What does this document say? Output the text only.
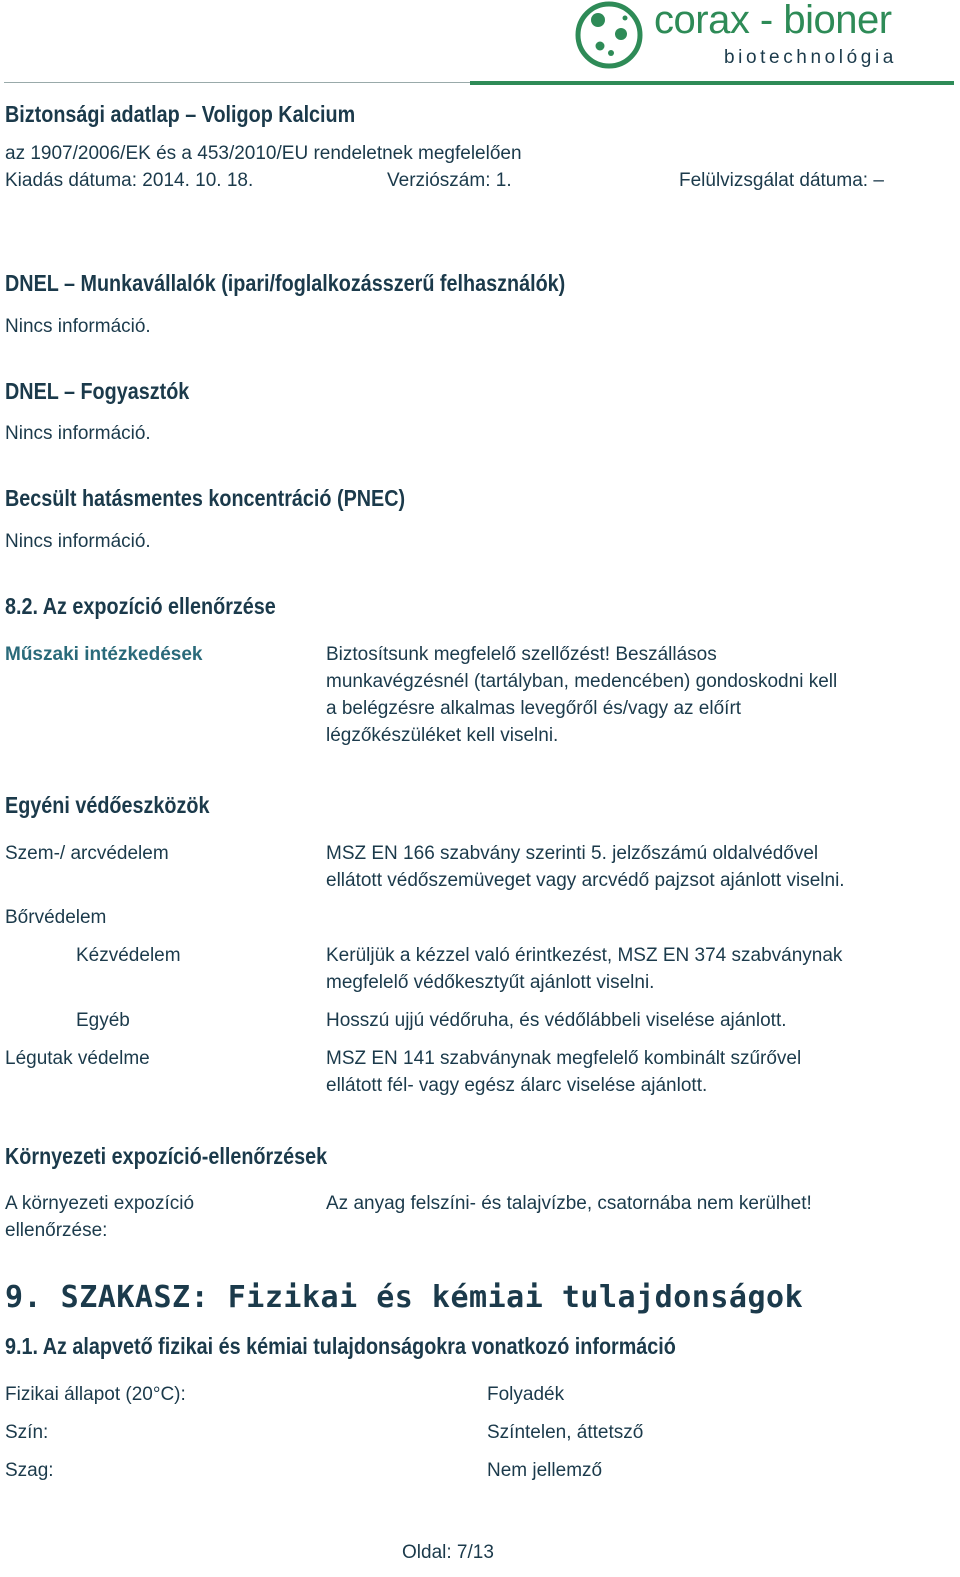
corax - bioner
biotechnológia
Biztonsági adatlap – Voligop Kalcium
az 1907/2006/EK és a 453/2010/EU rendeletnek megfelelően
Kiadás dátuma: 2014. 10. 18.	Verziószám: 1.	Felülvizsgálat dátuma: –
DNEL – Munkavállalók (ipari/foglalkozásszerű felhasználók)
Nincs információ.
DNEL – Fogyasztók
Nincs információ.
Becsült hatásmentes koncentráció (PNEC)
Nincs információ.
8.2. Az expozíció ellenőrzése
Műszaki intézkedések	Biztosítsunk megfelelő szellőzést! Beszállásos
munkavégzésnél (tartályban, medencében) gondoskodni kell
a belégzésre alkalmas levegőről és/vagy az előírt
légzőkészüléket kell viselni.
Egyéni védőeszközök
Szem-/ arcvédelem	MSZ EN 166 szabvány szerinti 5. jelzőszámú oldalvédővel
ellátott védőszemüveget vagy arcvédő pajzsot ajánlott viselni.
Bőrvédelem
Kézvédelem	Kerüljük a kézzel való érintkezést, MSZ EN 374 szabványnak
megfelelő védőkesztyűt ajánlott viselni.
Egyéb	Hosszú ujjú védőruha, és védőlábbeli viselése ajánlott.
Légutak védelme	MSZ EN 141 szabványnak megfelelő kombinált szűrővel
ellátott fél- vagy egész álarc viselése ajánlott.
Környezeti expozíció-ellenőrzések
A környezeti expozíció
ellenőrzése:
Az anyag felszíni- és talajvízbe, csatornába nem kerülhet!
9. SZAKASZ: Fizikai és kémiai tulajdonságok
9.1. Az alapvető fizikai és kémiai tulajdonságokra vonatkozó információ
Fizikai állapot (20°C):	Folyadék
Szín:	Színtelen, áttetsző
Szag:	Nem jellemző
Oldal: 7/13
